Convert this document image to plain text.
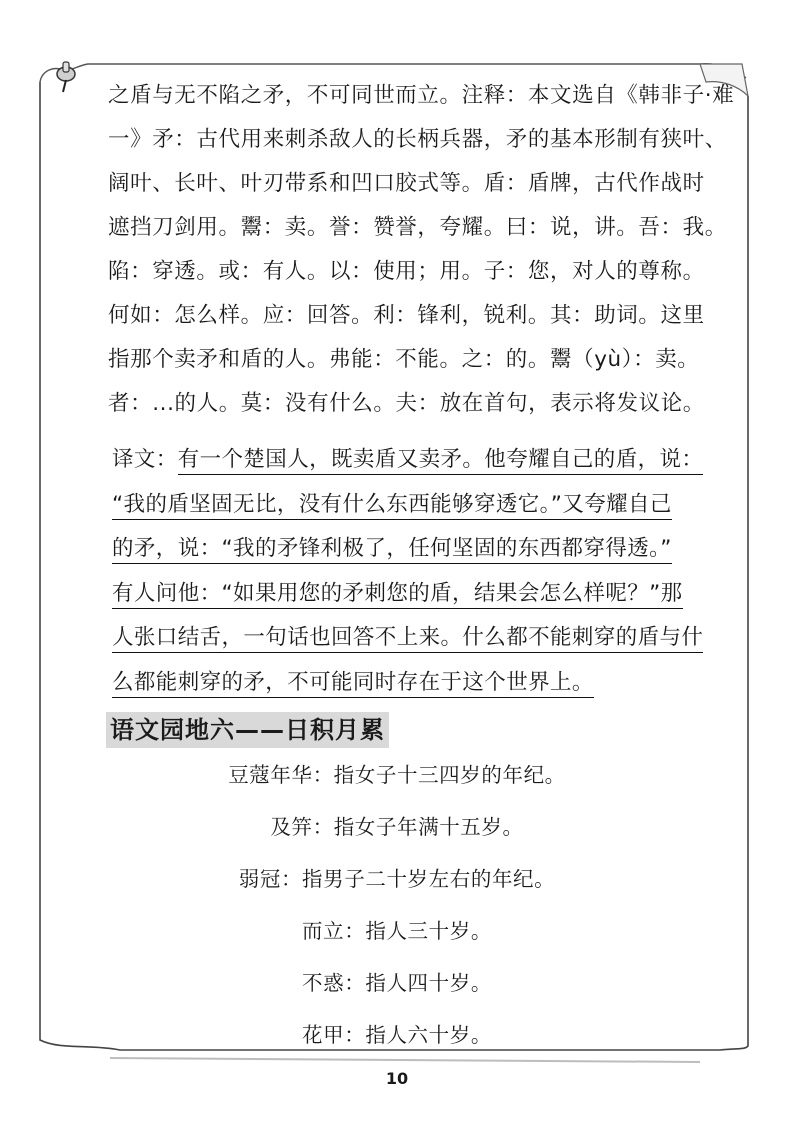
之盾与无不陷之矛，不可同世而立。注释：本文选自《韩非子·难
一》矛：古代用来刺杀敌人的长柄兵器，矛的基本形制有狭叶、
阔叶、长叶、叶刃带系和凹口胶式等。盾：盾牌，古代作战时
遮挡刀剑用。鬻：卖。誉：赞誉，夸耀。曰：说，讲。吾：我。
陷：穿透。或：有人。以：使用；用。子：您，对人的尊称。
何如：怎么样。应：回答。利：锋利，锐利。其：助词。这里
指那个卖矛和盾的人。弗能：不能。之：的。鬻（yù）：卖。
者：...的人。莫：没有什么。夫：放在首句，表示将发议论。
译文：有一个楚国人，既卖盾又卖矛。他夸耀自己的盾，说：
“我的盾坚固无比，没有什么东西能够穿透它。”又夸耀自己
的矛，说：“我的矛锋利极了，任何坚固的东西都穿得透。”
有人问他：“如果用您的矛刺您的盾，结果会怎么样呢？”那
人张口结舌，一句话也回答不上来。什么都不能刺穿的盾与什
么都能刺穿的矛，不可能同时存在于这个世界上。
语文园地六——日积月累
豆蔻年华：指女子十三四岁的年纪。
及笄：指女子年满十五岁。
弱冠：指男子二十岁左右的年纪。
而立：指人三十岁。
不惑：指人四十岁。
花甲：指人六十岁。
10
